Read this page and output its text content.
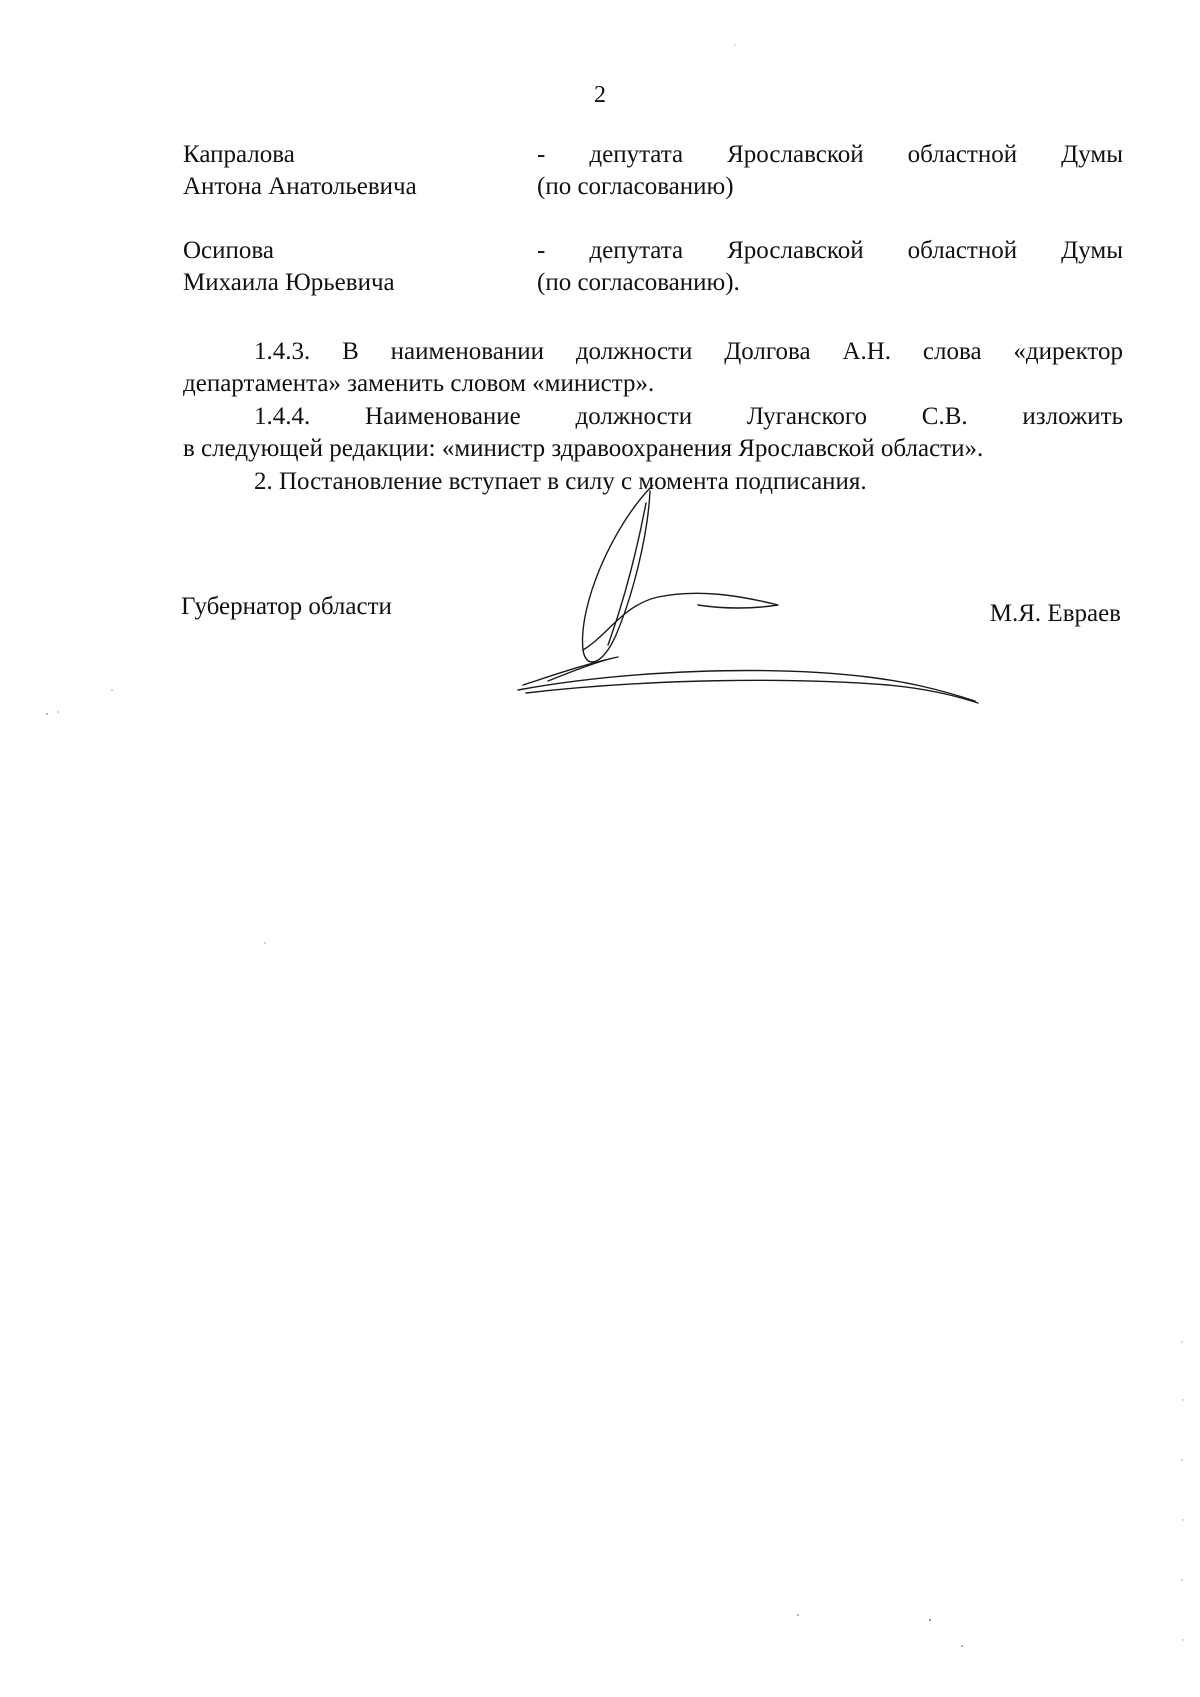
2
Капралова
Антона Анатольевича
- депутата Ярославской областной Думы
(по согласованию)
Осипова
Михаила Юрьевича
- депутата Ярославской областной Думы
(по согласованию).
1.4.3. В наименовании должности Долгова А.Н. слова «директор
департамента» заменить словом «министр».
1.4.4. Наименование должности Луганского С.В. изложить
в следующей редакции: «министр здравоохранения Ярославской области».
2. Постановление вступает в силу с момента подписания.
Губернатор области	М.Я. Евраев
